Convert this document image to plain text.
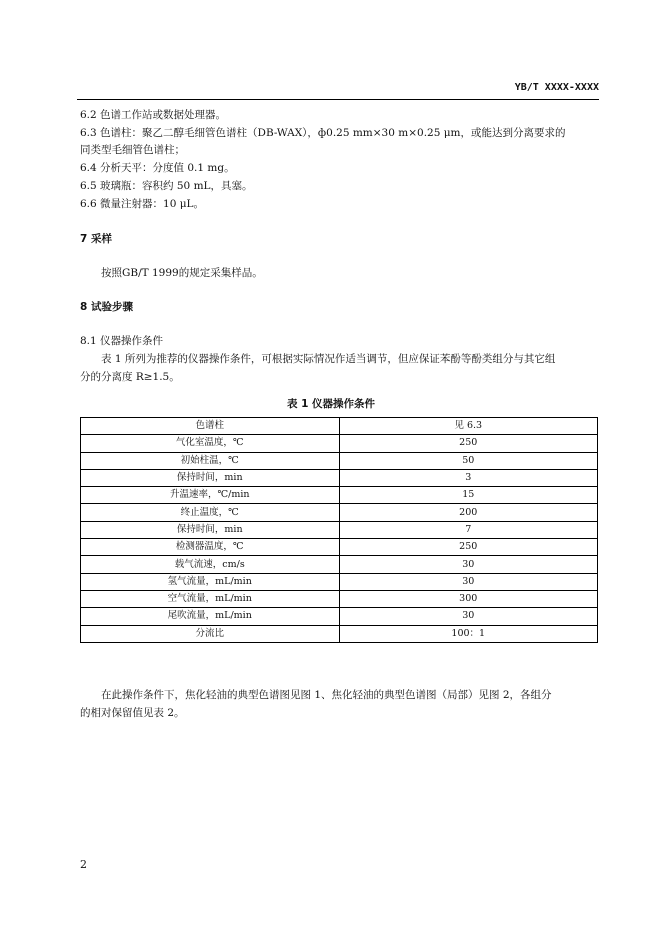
YB/T XXXX-XXXX
6.2 色谱工作站或数据处理器。
6.3 色谱柱：聚乙二醇毛细管色谱柱（DB-WAX），ф0.25 mm×30 m×0.25 μm，或能达到分离要求的
同类型毛细管色谱柱；
6.4 分析天平：分度值 0.1 mg。
6.5 玻璃瓶：容积约 50 mL，具塞。
6.6 微量注射器：10 μL。
7 采样
按照GB/T 1999的规定采集样品。
8 试验步骤
8.1 仪器操作条件
表 1 所列为推荐的仪器操作条件，可根据实际情况作适当调节，但应保证苯酚等酚类组分与其它组
分的分离度 R≥1.5。
表 1 仪器操作条件
色谱柱	见 6.3
气化室温度，℃	250
初始柱温，℃	50
保持时间，min	3
升温速率，℃/min	15
终止温度，℃	200
保持时间，min	7
检测器温度，℃	250
载气流速，cm/s	30
氢气流量，mL/min	30
空气流量，mL/min	300
尾吹流量，mL/min	30
分流比	100：1
在此操作条件下，焦化轻油的典型色谱图见图 1、焦化轻油的典型色谱图（局部）见图 2，各组分
的相对保留值见表 2。
2
